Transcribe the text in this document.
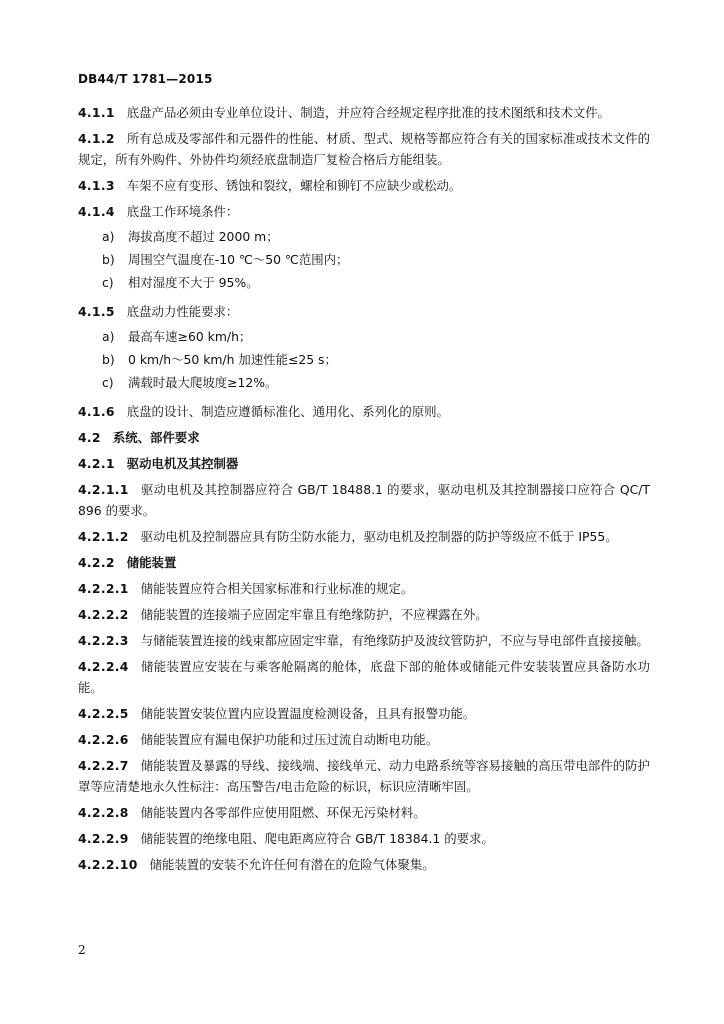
DB44/T 1781—2015
4.1.1 底盘产品必须由专业单位设计、制造，并应符合经规定程序批准的技术图纸和技术文件。
4.1.2 所有总成及零部件和元器件的性能、材质、型式、规格等都应符合有关的国家标准或技术文件的规定，所有外购件、外协件均须经底盘制造厂复检合格后方能组装。
4.1.3 车架不应有变形、锈蚀和裂纹，螺栓和铆钉不应缺少或松动。
4.1.4 底盘工作环境条件：
a) 海拔高度不超过 2000 m；
b) 周围空气温度在-10 ℃～50 ℃范围内；
c) 相对湿度不大于 95%。
4.1.5 底盘动力性能要求：
a) 最高车速≥60 km/h；
b) 0 km/h～50 km/h 加速性能≤25 s；
c) 满载时最大爬坡度≥12%。
4.1.6 底盘的设计、制造应遵循标准化、通用化、系列化的原则。
4.2 系统、部件要求
4.2.1 驱动电机及其控制器
4.2.1.1 驱动电机及其控制器应符合 GB/T 18488.1 的要求，驱动电机及其控制器接口应符合 QC/T 896 的要求。
4.2.1.2 驱动电机及控制器应具有防尘防水能力，驱动电机及控制器的防护等级应不低于 IP55。
4.2.2 储能装置
4.2.2.1 储能装置应符合相关国家标准和行业标准的规定。
4.2.2.2 储能装置的连接端子应固定牢靠且有绝缘防护，不应裸露在外。
4.2.2.3 与储能装置连接的线束都应固定牢靠，有绝缘防护及波纹管防护，不应与导电部件直接接触。
4.2.2.4 储能装置应安装在与乘客舱隔离的舱体，底盘下部的舱体或储能元件安装装置应具备防水功能。
4.2.2.5 储能装置安装位置内应设置温度检测设备，且具有报警功能。
4.2.2.6 储能装置应有漏电保护功能和过压过流自动断电功能。
4.2.2.7 储能装置及暴露的导线、接线端、接线单元、动力电路系统等容易接触的高压带电部件的防护罩等应清楚地永久性标注：高压警告/电击危险的标识，标识应清晰牢固。
4.2.2.8 储能装置内各零部件应使用阻燃、环保无污染材料。
4.2.2.9 储能装置的绝缘电阻、爬电距离应符合 GB/T 18384.1 的要求。
4.2.2.10 储能装置的安装不允许任何有潜在的危险气体聚集。
2
